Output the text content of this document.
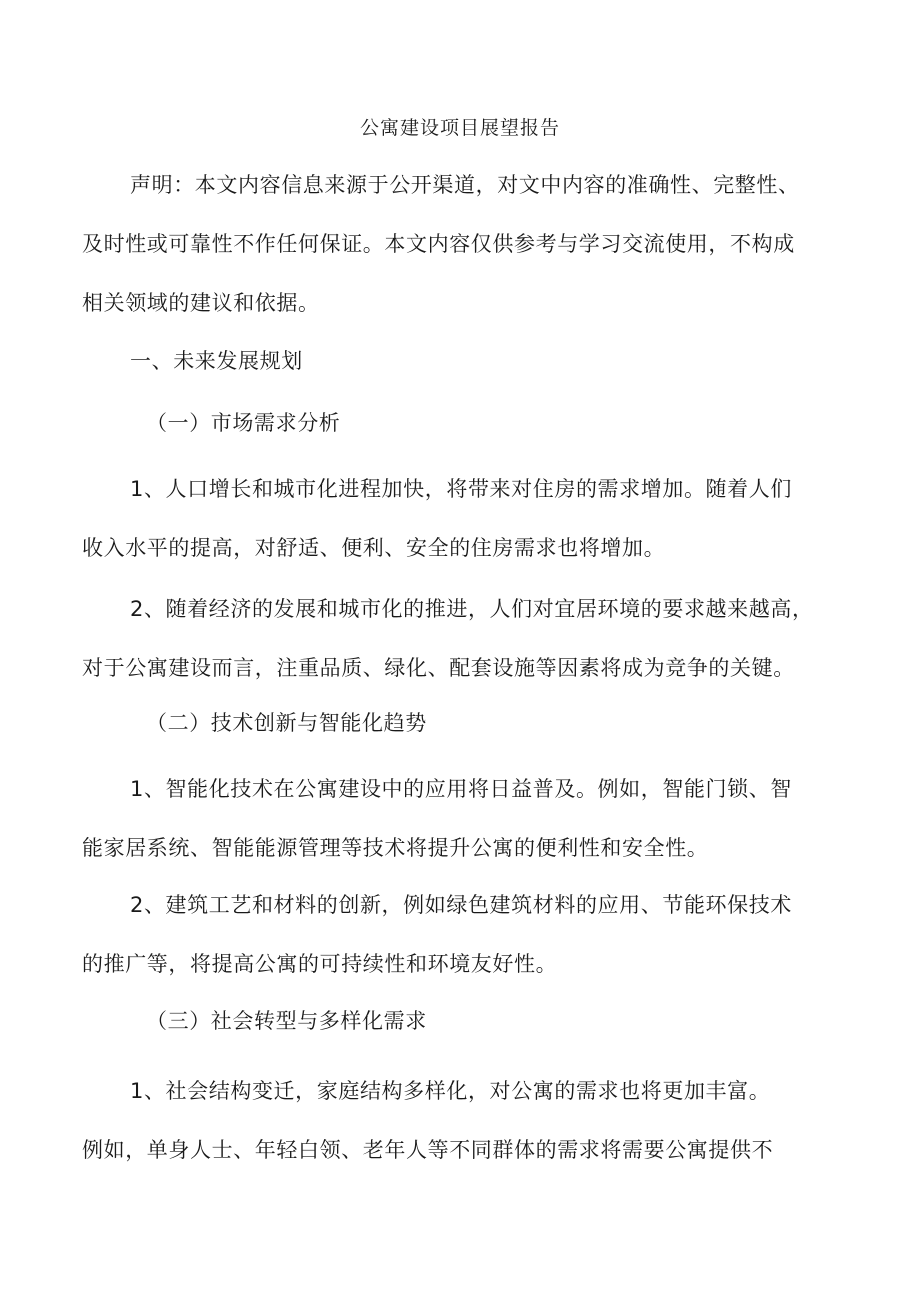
公寓建设项目展望报告
声明：本文内容信息来源于公开渠道，对文中内容的准确性、完整性、
及时性或可靠性不作任何保证。本文内容仅供参考与学习交流使用，不构成
相关领域的建议和依据。
一、未来发展规划
（一）市场需求分析
1、人口增长和城市化进程加快，将带来对住房的需求增加。随着人们
收入水平的提高，对舒适、便利、安全的住房需求也将增加。
2、随着经济的发展和城市化的推进，人们对宜居环境的要求越来越高，
对于公寓建设而言，注重品质、绿化、配套设施等因素将成为竞争的关键。
（二）技术创新与智能化趋势
1、智能化技术在公寓建设中的应用将日益普及。例如，智能门锁、智
能家居系统、智能能源管理等技术将提升公寓的便利性和安全性。
2、建筑工艺和材料的创新，例如绿色建筑材料的应用、节能环保技术
的推广等，将提高公寓的可持续性和环境友好性。
（三）社会转型与多样化需求
1、社会结构变迁，家庭结构多样化，对公寓的需求也将更加丰富。
例如，单身人士、年轻白领、老年人等不同群体的需求将需要公寓提供不
